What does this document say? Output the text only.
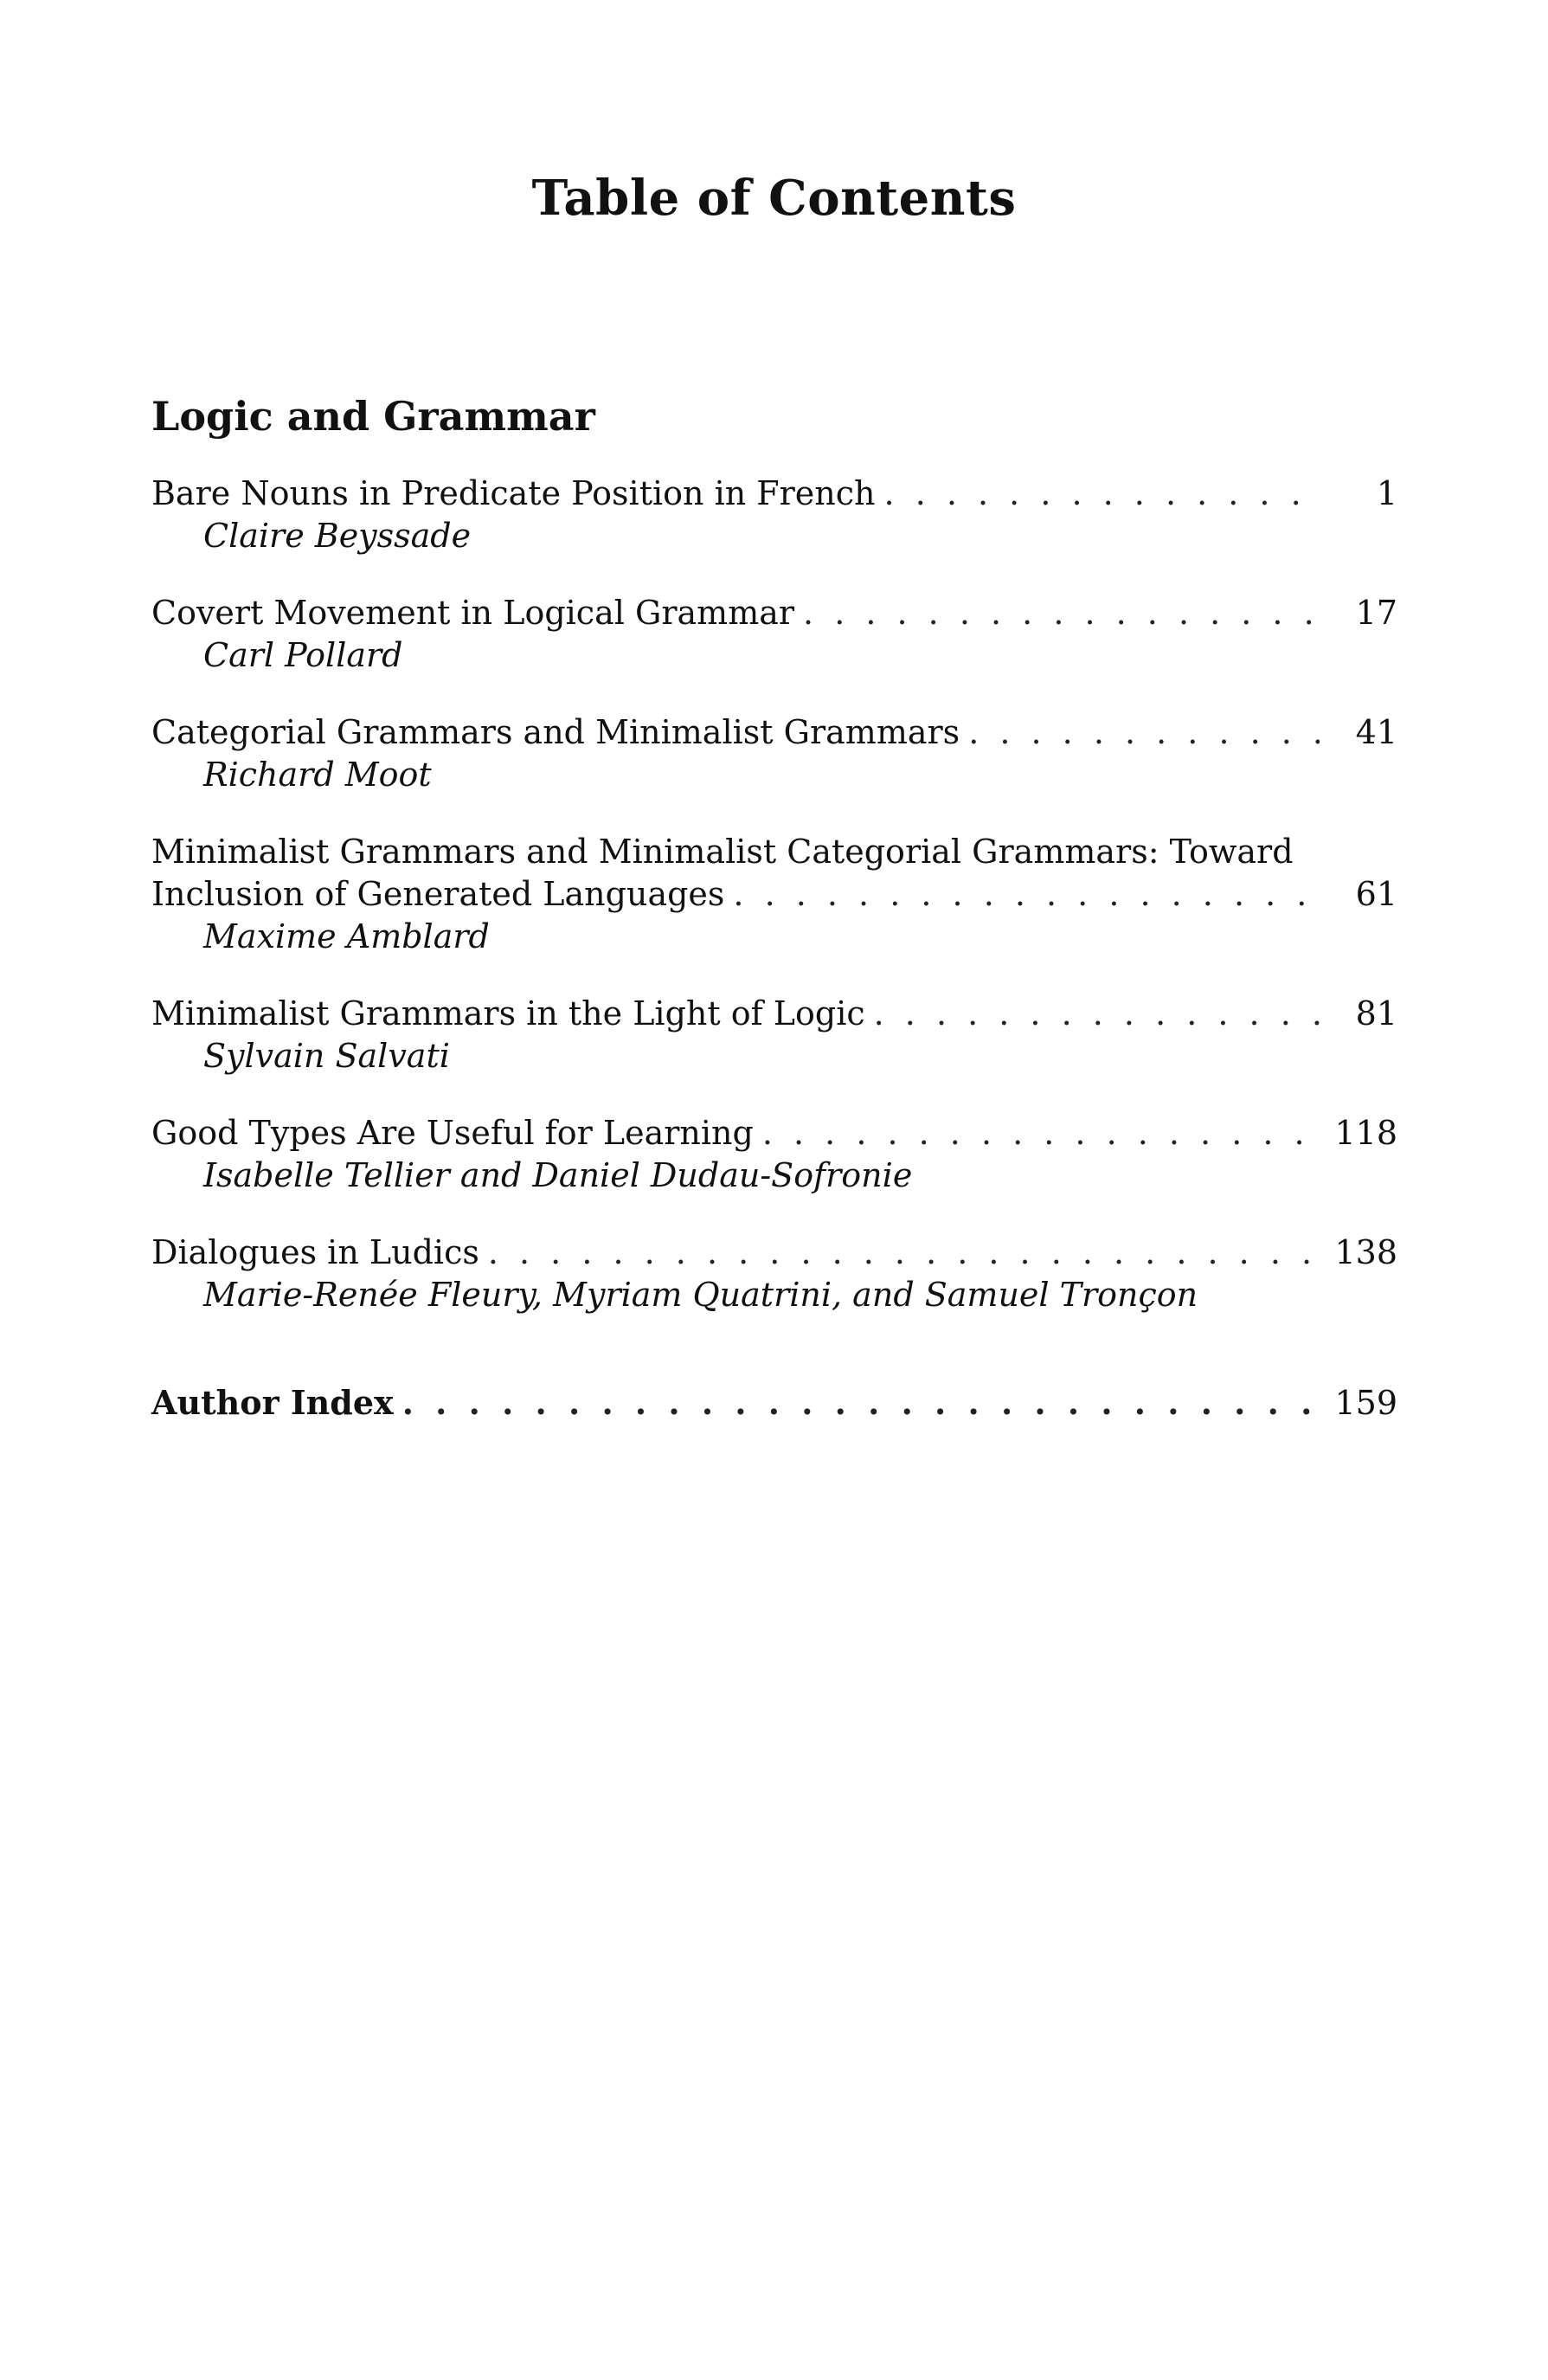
Table of Contents
Logic and Grammar
Bare Nouns in Predicate Position in French . . .	1
Claire Beyssade
Covert Movement in Logical Grammar . . .	17
Carl Pollard
Categorial Grammars and Minimalist Grammars . . .	41
Richard Moot
Minimalist Grammars and Minimalist Categorial Grammars: Toward
Inclusion of Generated Languages . . .	61
Maxime Amblard
Minimalist Grammars in the Light of Logic . . .	81
Sylvain Salvati
Good Types Are Useful for Learning . . .	118
Isabelle Tellier and Daniel Dudau-Sofronie
Dialogues in Ludics . . .	138
Marie-Renée Fleury, Myriam Quatrini, and Samuel Tronçon
Author Index . . .	159
